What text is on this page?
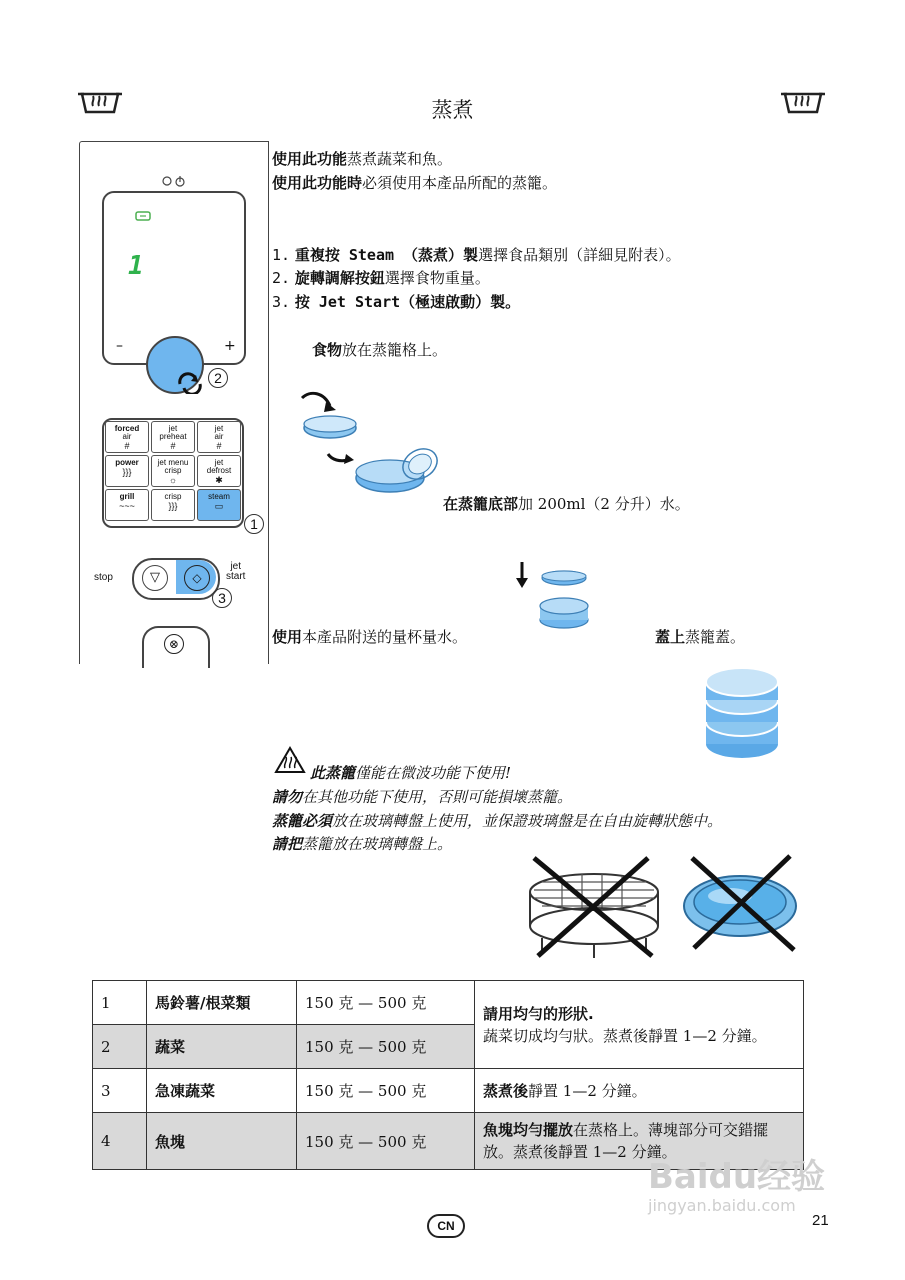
蒸煮
1
–	+
2
forced
air
#
jet
preheat
#
jet
air
#
power
}}}
jet menu
crisp
☼
jet
defrost
✱
grill
~~~
crisp
}}}
steam
▭
1
stop	▽	◇
jet
start
3
⊗
使用此功能蒸煮蔬菜和魚。
使用此功能時必須使用本產品所配的蒸籠。
1. 重複按 Steam （蒸煮）製選擇食品類別（詳細見附表）。
2. 旋轉調解按鈕選擇食物重量。
3. 按 Jet Start（極速啟動）製。
食物放在蒸籠格上。
在蒸籠底部加 200ml（2 分升）水。
使用本產品附送的量杯量水。	蓋上蒸籠蓋。
此蒸籠僅能在微波功能下使用!
請勿在其他功能下使用，否則可能損壞蒸籠。
蒸籠必須放在玻璃轉盤上使用，並保證玻璃盤是在自由旋轉狀態中。
請把蒸籠放在玻璃轉盤上。
1	馬鈴薯/根菜類	150 克 — 500 克	請用均勻的形狀.
蔬菜切成均勻狀。蒸煮後靜置 1—2 分鐘。

2	蔬菜	150 克 — 500 克	
3	急凍蔬菜	150 克 — 500 克	蒸煮後靜置 1—2 分鐘。
4	魚塊	150 克 — 500 克	魚塊均勻擺放在蒸格上。薄塊部分可交錯擺放。蒸煮後靜置 1—2 分鐘。
CN	21
Baidu经验
jingyan.baidu.com
